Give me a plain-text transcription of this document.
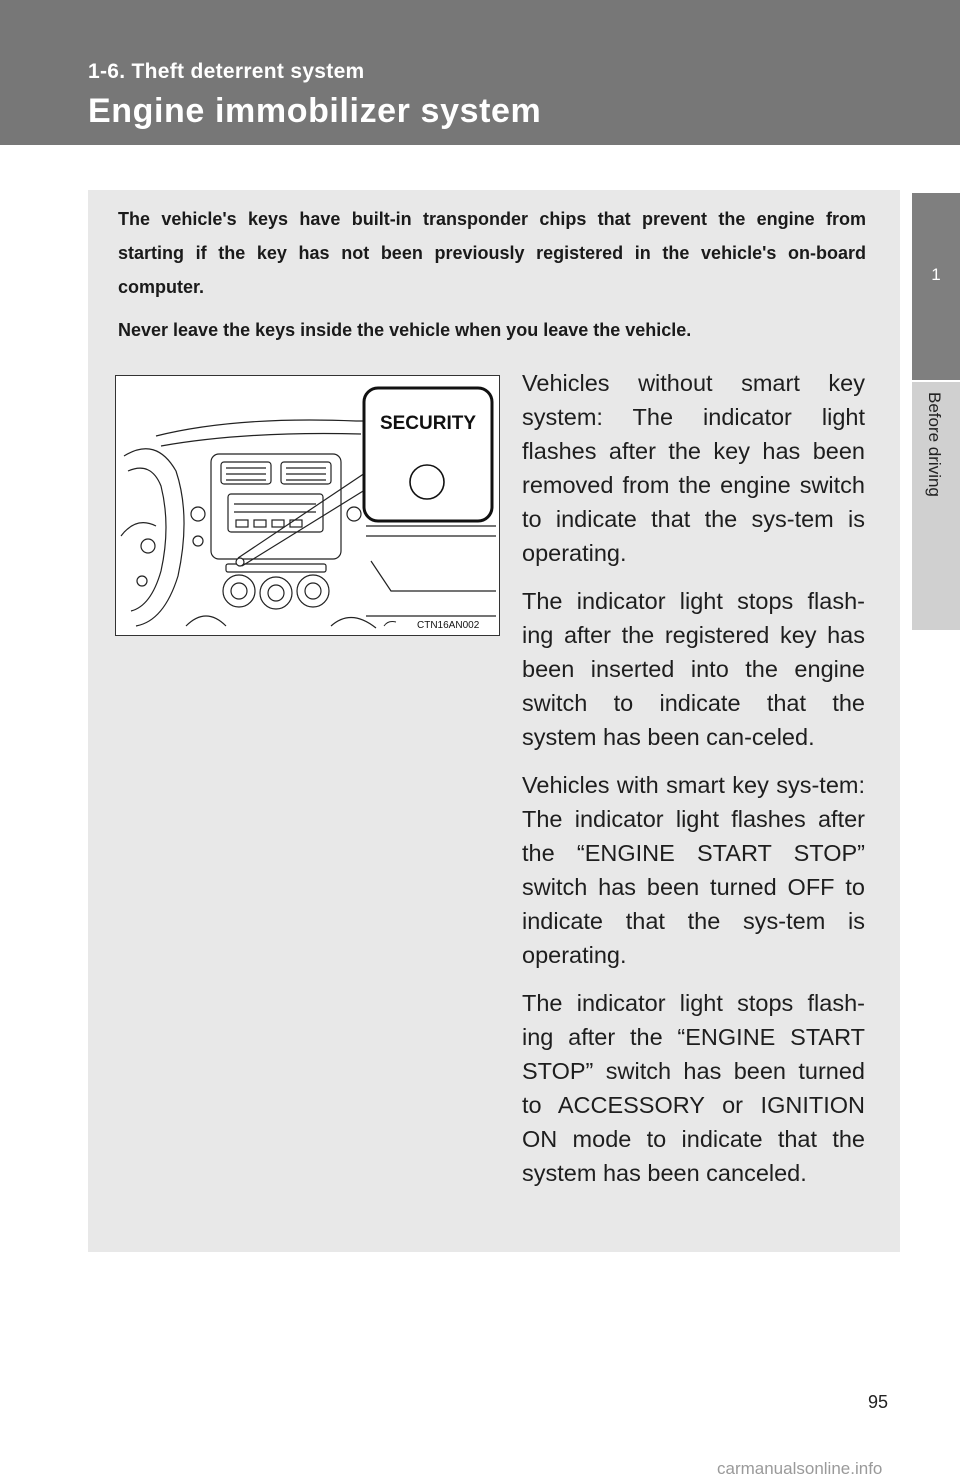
1-6. Theft deterrent system
Engine immobilizer system
1
Before driving

The vehicle's keys have built-in transponder chips that prevent the engine from starting if the key has not been previously registered in the vehicle's on-board computer.

Never leave the keys inside the vehicle when you leave the vehicle.

SECURITY
CTN16AN002

Vehicles without smart key system: The indicator light flashes after the key has been removed from the engine switch to indicate that the sys-tem is operating.

The indicator light stops flash-ing after the registered key has been inserted into the engine switch to indicate that the system has been can-celed.

Vehicles with smart key sys-tem: The indicator light flashes after the “ENGINE START STOP” switch has been turned OFF to indicate that the sys-tem is operating.

The indicator light stops flash-ing after the “ENGINE START STOP” switch has been turned to ACCESSORY or IGNITION ON mode to indicate that the system has been canceled.

95
carmanualsonline.info
